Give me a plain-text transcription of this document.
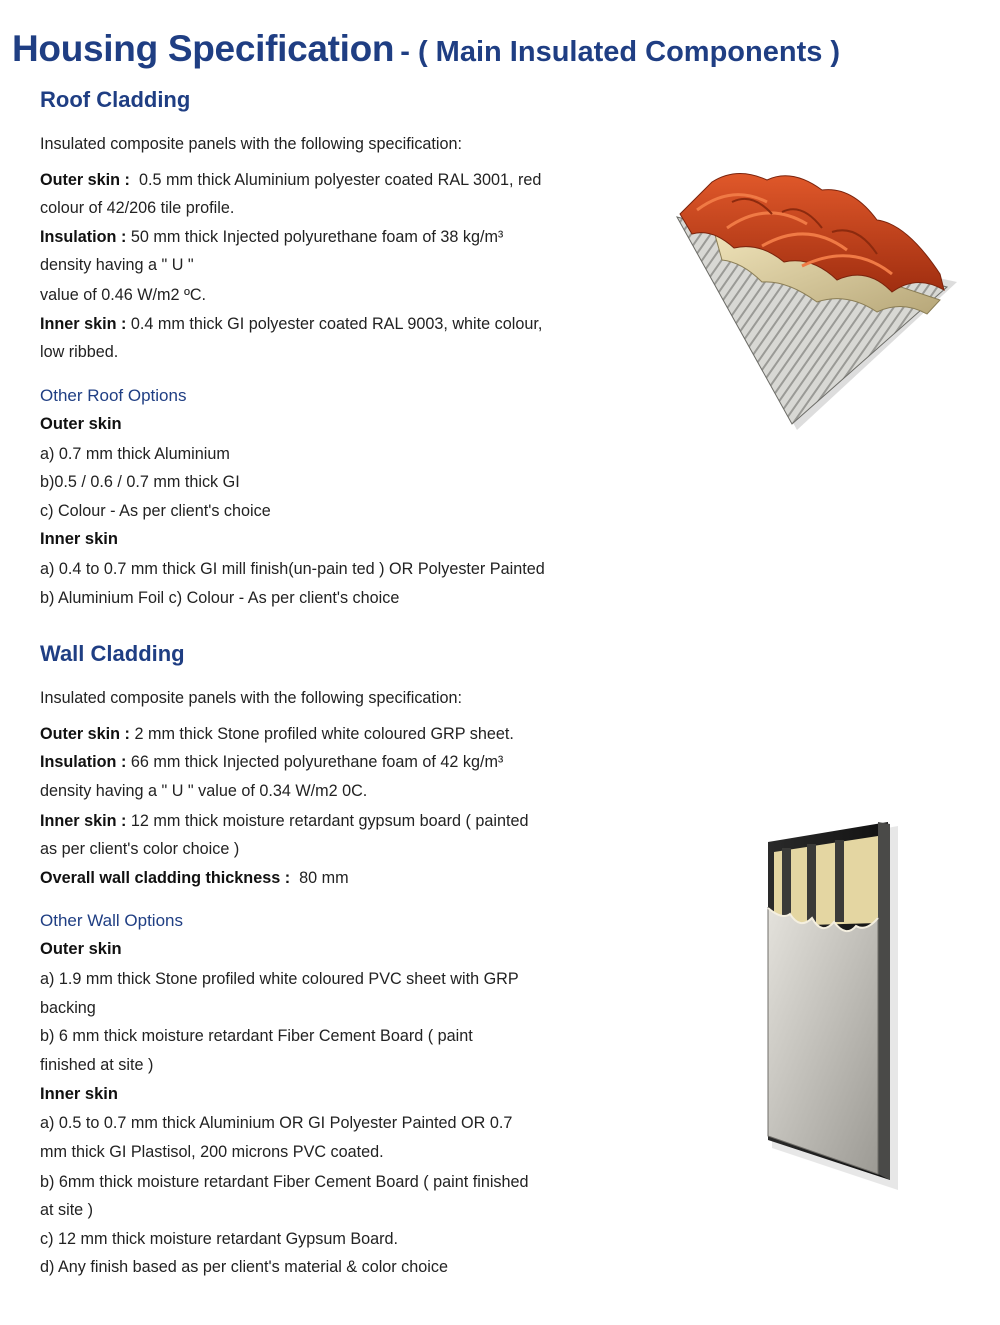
Housing Specification - ( Main Insulated Components )
Roof Cladding
Insulated composite panels with the following specification:
Outer skin : 0.5 mm thick Aluminium polyester coated RAL 3001, red
colour of 42/206 tile profile.
Insulation : 50 mm thick Injected polyurethane foam of 38 kg/m³
density having a " U "
value of 0.46 W/m2 ºC.
Inner skin : 0.4 mm thick GI polyester coated RAL 9003, white colour,
low ribbed.
Other Roof Options
Outer skin
a) 0.7 mm thick Aluminium
b)0.5 / 0.6 / 0.7 mm thick GI
c) Colour - As per client's choice
Inner skin
a) 0.4 to 0.7 mm thick GI mill finish(un-pain ted ) OR Polyester Painted
b) Aluminium Foil c) Colour - As per client's choice
Wall Cladding
Insulated composite panels with the following specification:
Outer skin : 2 mm thick Stone profiled white coloured GRP sheet.
Insulation : 66 mm thick Injected polyurethane foam of 42 kg/m³
density having a " U " value of 0.34 W/m2 0C.
Inner skin : 12 mm thick moisture retardant gypsum board ( painted
as per client's color choice )
Overall wall cladding thickness : 80 mm
Other Wall Options
Outer skin
a) 1.9 mm thick Stone profiled white coloured PVC sheet with GRP
backing
b) 6 mm thick moisture retardant Fiber Cement Board ( paint
finished at site )
Inner skin
a) 0.5 to 0.7 mm thick Aluminium OR GI Polyester Painted OR 0.7
mm thick GI Plastisol, 200 microns PVC coated.
b) 6mm thick moisture retardant Fiber Cement Board ( paint finished
at site )
c) 12 mm thick moisture retardant Gypsum Board.
d) Any finish based as per client's material & color choice
